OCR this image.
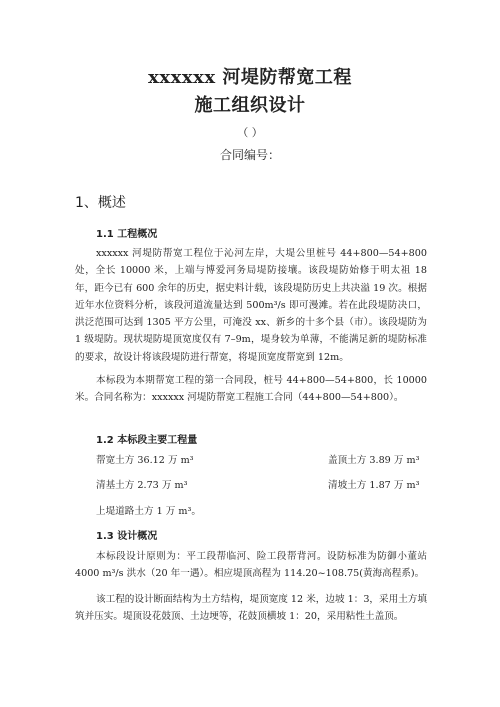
xxxxxx 河堤防帮宽工程
施工组织设计
（ ）
合同编号：
1、概述
1.1 工程概况

xxxxxx 河堤防帮宽工程位于沁河左岸，大堤公里桩号 44+800—54+800 处，全长 10000 米，上端与博爱河务局堤防接壤。该段堤防始修于明太祖 18 年，距今已有 600 余年的历史，据史料计载，该段堤防历史上共决溢 19 次。根据近年水位资料分析，该段河道流量达到 500m³/s 即可漫滩。若在此段堤防决口，洪泛范围可达到 1305 平方公里，可淹没 xx、新乡的十多个县（市）。该段堤防为 1 级堤防。现状堤防堤顶宽度仅有 7–9m，堤身较为单薄，不能满足新的堤防标准的要求，故设计将该段堤防进行帮宽，将堤顶宽度帮宽到 12m。

本标段为本期帮宽工程的第一合同段，桩号 44+800—54+800，长 10000 米。合同名称为：xxxxxx 河堤防帮宽工程施工合同（44+800—54+800）。

1.2 本标段主要工程量
帮宽土方 36.12 万 m³	盖顶土方 3.89 万 m³
清基土方 2.73 万 m³	清坡土方 1.87 万 m³
上堤道路土方 1 万 m³。
1.3 设计概况

本标段设计原则为：平工段帮临河、险工段帮背河。设防标准为防御小董站 4000 m³/s 洪水（20 年一遇）。相应堤顶高程为 114.20~108.75(黄海高程系)。

该工程的设计断面结构为土方结构，堤顶宽度 12 米，边坡 1：3，采用土方填筑并压实。堤顶设花鼓顶、土边埂等，花鼓顶横坡 1：20，采用粘性土盖顶。
